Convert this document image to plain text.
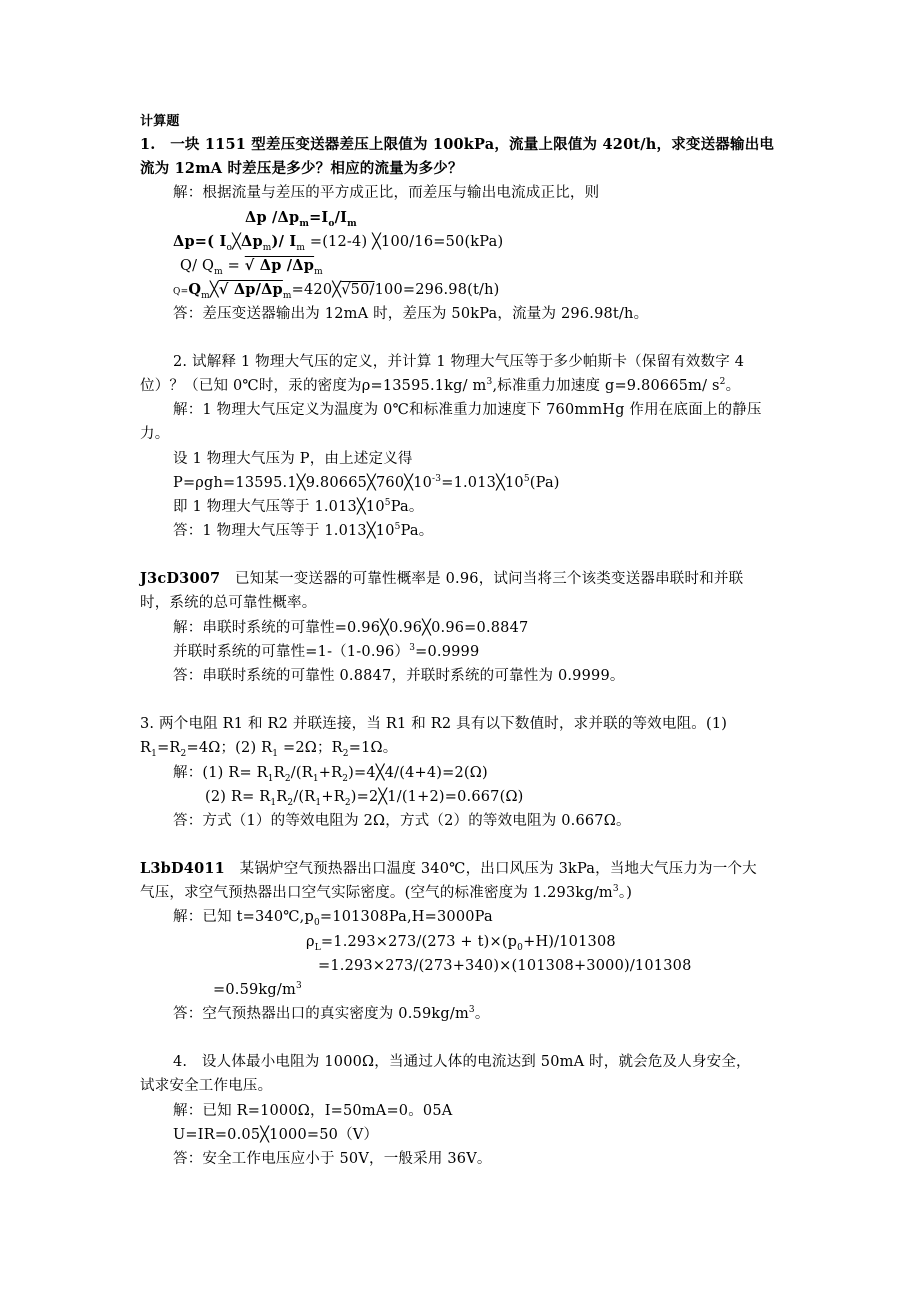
计算题
1.　一块 1151 型差压变送器差压上限值为 100kPa，流量上限值为 420t/h，求变送器输出电
流为 12mA 时差压是多少？相应的流量为多少？
解：根据流量与差压的平方成正比，而差压与输出电流成正比，则
Δp $/\Delta p_m=I_o/I_m$
Δp=( $I_o╳\Delta p_m)/$ $I_m =(12-4)$ ╳100/16=50(kPa)
Q/ $Q_m$ = √ Δp $/\Delta p_m$
$Q=Q_m╳√$ $\Delta p/\Delta p_m=420╳√50/100=296.98(t/h)$
答：差压变送器输出为 12mA 时，差压为 50kPa，流量为 296.98t/h。
2. 试解释 1 物理大气压的定义，并计算 1 物理大气压等于多少帕斯卡（保留有效数字 4
位）？（已知 0℃时，汞的密度为ρ=13595.1kg/ $m^3$,标准重力加速度 g=9.80665m/ $s^2$。
解：1 物理大气压定义为温度为 0℃和标准重力加速度下 760mmHg 作用在底面上的静压
力。
设 1 物理大气压为 P，由上述定义得
$P=\rho gh=13595.1╳9.80665╳760╳10^{-3}=1.013╳10^5(Pa)$
即 1 物理大气压等于 $1.013╳10^5Pa$。
答：1 物理大气压等于 $1.013╳10^5Pa$。
J3cD3007　已知某一变送器的可靠性概率是 0.96，试问当将三个该类变送器串联时和并联
时，系统的总可靠性概率。
解：串联时系统的可靠性=0.96╳0.96╳0.96=0.8847
并联时系统的可靠性$=1-(1-0.96)^3=0.9999$
答：串联时系统的可靠性 0.8847，并联时系统的可靠性为 0.9999。
3. 两个电阻 R1 和 R2 并联连接，当 R1 和 R2 具有以下数值时，求并联的等效电阻。(1)
$R_1=R_2=4\Omega$；(2) $R_1 =2\Omega$；$R_2=1\Omega$。
解：(1) $R= R_1R_2/(R_1+R_2)=4╳4/(4+4)=2(\Omega)$
(2) $R= R_1R_2/(R_1+R_2)=2╳1/(1+2)=0.667(\Omega)$
答：方式（1）的等效电阻为 2Ω，方式（2）的等效电阻为 0.667Ω。
L3bD4011　某锅炉空气预热器出口温度 340℃，出口风压为 3kPa，当地大气压力为一个大
气压，求空气预热器出口空气实际密度。(空气的标准密度为 $1.293kg/m^3$。)
解：已知 $t=340℃,p_0=101308Pa,H=3000Pa$
$\rho_L=1.293\times 273/(273 + t)\times(p_0+H)/101308$
=1.293×273/(273+340)×(101308+3000)/101308
$=0.59kg/m^3$
答：空气预热器出口的真实密度为 $0.59kg/m^3$。
4.　设人体最小电阻为 1000Ω，当通过人体的电流达到 50mA 时，就会危及人身安全，
试求安全工作电压。
解：已知 R=1000Ω，I=50mA=0。05A
U=IR=0.05╳1000=50（V）
答：安全工作电压应小于 50V，一般采用 36V。
